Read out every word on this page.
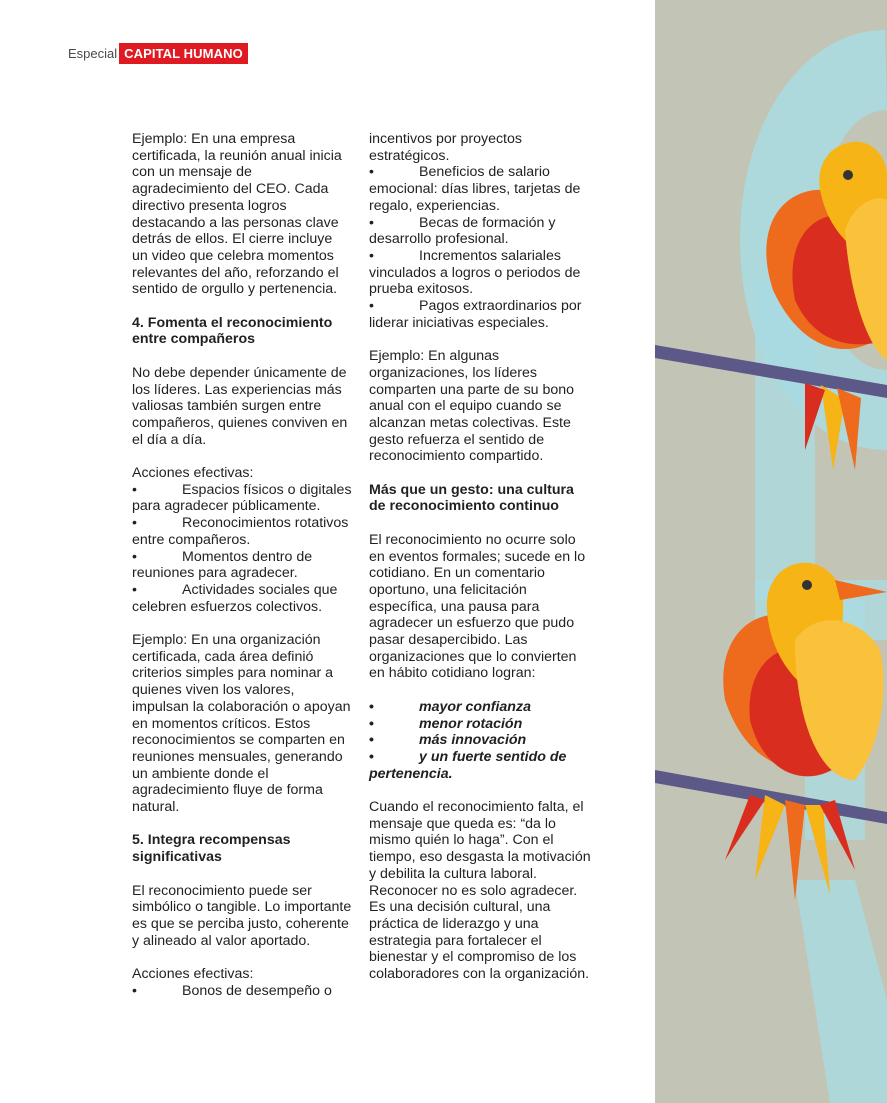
Especial CAPITAL HUMANO

Ejemplo: En una empresa certificada, la reunión anual inicia con un mensaje de agradecimiento del CEO. Cada directivo presenta logros destacando a las personas clave detrás de ellos. El cierre incluye un video que celebra momentos relevantes del año, reforzando el sentido de orgullo y pertenencia.

4. Fomenta el reconocimiento entre compañeros

No debe depender únicamente de los líderes. Las experiencias más valiosas también surgen entre compañeros, quienes conviven en el día a día.

Acciones efectivas:

•	Espacios físicos o digitales para agradecer públicamente.

•	Reconocimientos rotativos entre compañeros.

•	Momentos dentro de reuniones para agradecer.

•	Actividades sociales que celebren esfuerzos colectivos.

Ejemplo: En una organización certificada, cada área definió criterios simples para nominar a quienes viven los valores, impulsan la colaboración o apoyan en momentos críticos. Estos reconocimientos se comparten en reuniones mensuales, generando un ambiente donde el agradecimiento fluye de forma natural.

5. Integra recompensas significativas

El reconocimiento puede ser simbólico o tangible. Lo importante es que se perciba justo, coherente y alineado al valor aportado.

Acciones efectivas:

•	Bonos de desempeño o

incentivos por proyectos estratégicos.

•	Beneficios de salario emocional: días libres, tarjetas de regalo, experiencias.

•	Becas de formación y desarrollo profesional.

•	Incrementos salariales vinculados a logros o periodos de prueba exitosos.

•	Pagos extraordinarios por liderar iniciativas especiales.

Ejemplo: En algunas organizaciones, los líderes comparten una parte de su bono anual con el equipo cuando se alcanzan metas colectivas. Este gesto refuerza el sentido de reconocimiento compartido.

Más que un gesto: una cultura de reconocimiento continuo

El reconocimiento no ocurre solo en eventos formales; sucede en lo cotidiano. En un comentario oportuno, una felicitación específica, una pausa para agradecer un esfuerzo que pudo pasar desapercibido. Las organizaciones que lo convierten en hábito cotidiano logran:

•	mayor confianza

•	menor rotación

•	más innovación

•	y un fuerte sentido de pertenencia.

Cuando el reconocimiento falta, el mensaje que queda es: “da lo mismo quién lo haga”. Con el tiempo, eso desgasta la motivación y debilita la cultura laboral. Reconocer no es solo agradecer. Es una decisión cultural, una práctica de liderazgo y una estrategia para fortalecer el bienestar y el compromiso de los colaboradores con la organización.
